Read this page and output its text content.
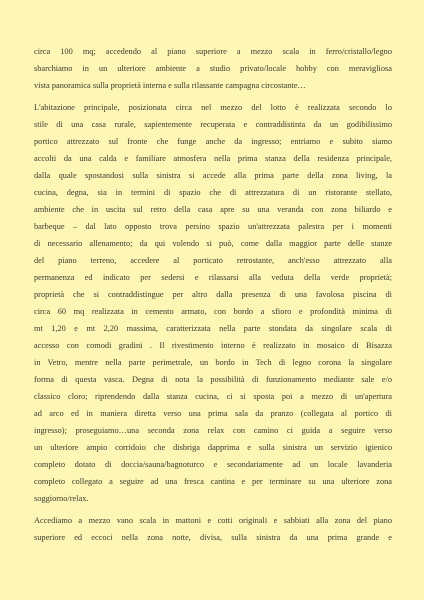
circa 100 mq; accedendo al piano superiore a mezzo scala in ferro/cristallo/legno
sbarchiamo in un ulteriore ambiente a studio privato/locale hobby con meravigliosa
vista panoramica sulla proprietà interna e sulla rilassante campagna circostante…
L'abitazione principale, posizionata circa nel mezzo del lotto è realizzata secondo lo
stile di una casa rurale, sapientemente recuperata e contraddistinta da un godibilissimo
portico attrezzato sul fronte che funge anche da ingresso; entriamo e subito siamo
accolti da una calda e familiare atmosfera nella prima stanza della residenza principale,
dalla quale spostandosi sulla sinistra si accede alla prima parte della zona living, la
cucina, degna, sia in termini di spazio che di attrezzatura di un ristorante stellato,
ambiente che in uscita sul retro della casa apre su una veranda con zona biliardo e
barbeque – dal lato opposto trova persino spazio un'attrezzata palestra per i momenti
di necessario allenamento; da qui volendo si può, come dalla maggior parte delle stanze
del piano terreno, accedere al porticato retrostante, anch'esso attrezzato alla
permanenza ed indicato per sedersi e rilassarsi alla veduta della verde proprietà;
proprietà che si contraddistingue per altro dalla presenza di una favolosa piscina di
circa 60 mq realizzata in cemento armato, con bordo a sfioro e profondità minima di
mt 1,20 e mt 2,20 massima, caratterizzata nella parte stondata da singolare scala di
accesso con comodi gradini . Il rivestimento interno è realizzato in mosaico di Bisazza
in Vetro, mentre nella parte perimetrale, un bordo in Tech di legno corona la singolare
forma di questa vasca. Degna di nota la possibilità di funzionamento mediante sale e/o
classico cloro; riprendendo dalla stanza cucina, ci si sposta poi a mezzo di un'apertura
ad arco ed in maniera diretta verso una prima sala da pranzo (collegata al portico di
ingresso); proseguiamo…una seconda zona relax con camino ci guida a seguire verso
un ulteriore ampio corridoio che disbriga dapprima e sulla sinistra un servizio igienico
completo dotato di doccia/sauna/bagnoturco e secondariamente ad un locale lavanderia
completo collegato a seguire ad una fresca cantina e per terminare su una ulteriore zona
soggiorno/relax.
Accediamo a mezzo vano scala in mattoni e cotti originali e sabbiati alla zona del piano
superiore ed eccoci nella zona notte, divisa, sulla sinistra da una prima grande e
